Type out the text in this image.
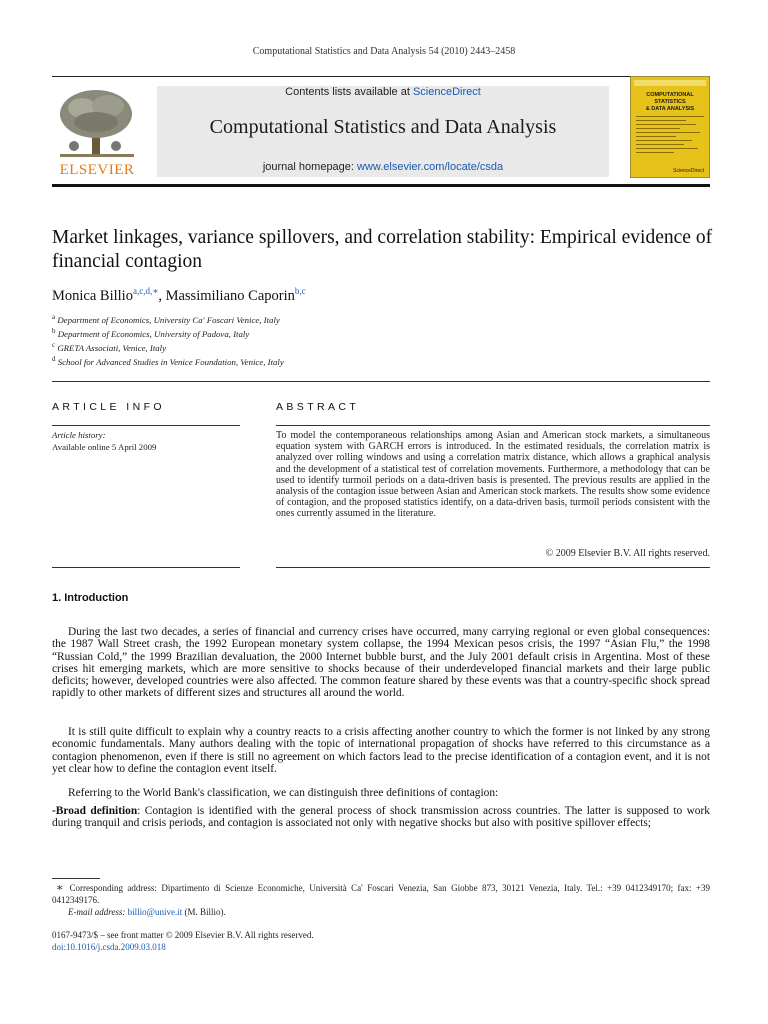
Computational Statistics and Data Analysis 54 (2010) 2443–2458
ELSEVIER
Contents lists available at ScienceDirect
Computational Statistics and Data Analysis
journal homepage: www.elsevier.com/locate/csda
COMPUTATIONAL
STATISTICS
& DATA ANALYSIS
ScienceDirect
Market linkages, variance spillovers, and correlation stability: Empirical evidence of financial contagion
Monica Billio$^{a,c,d,∗}$, Massimiliano Caporin$^{b,c}$
$^a$ Department of Economics, University Ca' Foscari Venice, Italy
$^b$ Department of Economics, University of Padova, Italy
$^c$ GRETA Associati, Venice, Italy
$^d$ School for Advanced Studies in Venice Foundation, Venice, Italy
ARTICLE INFO	ABSTRACT
Article history:
Available online 5 April 2009
To model the contemporaneous relationships among Asian and American stock markets, a simultaneous equation system with GARCH errors is introduced. In the estimated residuals, the correlation matrix is analyzed over rolling windows and using a correlation matrix distance, which allows a graphical analysis and the development of a statistical test of correlation movements. Furthermore, a methodology that can be used to identify turmoil periods on a data-driven basis is presented. The previous results are applied in the analysis of the contagion issue between Asian and American stock markets. The results show some evidence of contagion, and the proposed statistics identify, on a data-driven basis, turmoil periods consistent with the ones currently assumed in the literature.
© 2009 Elsevier B.V. All rights reserved.
1. Introduction
During the last two decades, a series of financial and currency crises have occurred, many carrying regional or even global consequences: the 1987 Wall Street crash, the 1992 European monetary system collapse, the 1994 Mexican pesos crisis, the 1997 “Asian Flu,” the 1998 “Russian Cold,” the 1999 Brazilian devaluation, the 2000 Internet bubble burst, and the July 2001 default crisis in Argentina. Most of these crises hit emerging markets, which are more sensitive to shocks because of their underdeveloped financial markets and their large public deficits; however, developed countries were also affected. The common feature shared by these events was that a country-specific shock spread rapidly to other markets of different sizes and structures all around the world.
It is still quite difficult to explain why a country reacts to a crisis affecting another country to which the former is not linked by any strong economic fundamentals. Many authors dealing with the topic of international propagation of shocks have referred to this circumstance as a contagion phenomenon, even if there is still no agreement on which factors lead to the precise identification of a contagion event, and it is not yet clear how to define the contagion event itself.
Referring to the World Bank's classification, we can distinguish three definitions of contagion:
-Broad definition: Contagion is identified with the general process of shock transmission across countries. The latter is supposed to work during tranquil and crisis periods, and contagion is associated not only with negative shocks but also with positive spillover effects;
∗ Corresponding address: Dipartimento di Scienze Economiche, Università Ca' Foscari Venezia, San Giobbe 873, 30121 Venezia, Italy. Tel.: +39 0412349170; fax: +39 0412349176.
E-mail address: billio@unive.it (M. Billio).
0167-9473/$ – see front matter © 2009 Elsevier B.V. All rights reserved.
doi:10.1016/j.csda.2009.03.018
